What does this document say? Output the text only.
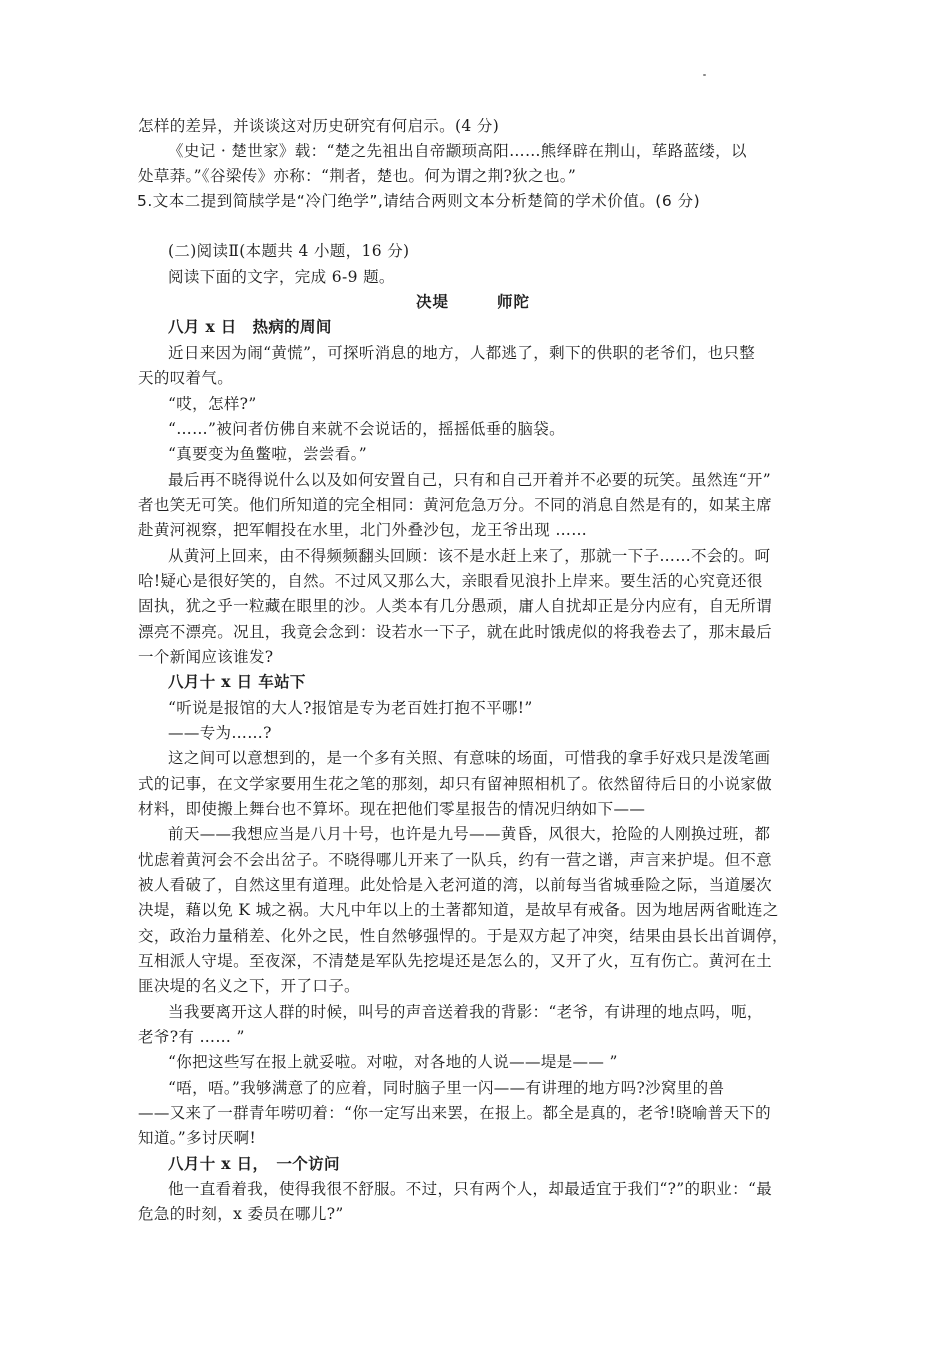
怎样的差异，并谈谈这对历史研究有何启示。(4 分)

《史记 · 楚世家》载：“楚之先祖出自帝颛顼高阳……熊绎辟在荆山，荜路蓝缕，以

处草莽。”《谷梁传》亦称：“荆者，楚也。何为谓之荆?狄之也。”

5.文本二提到简牍学是“冷门绝学”,请结合两则文本分析楚简的学术价值。(6 分)

(二)阅读Ⅱ(本题共 4 小题，16 分)

阅读下面的文字，完成 6-9 题。

决堤	师陀

八月 x 日　热病的周间

近日来因为闹“黄慌”，可探听消息的地方，人都逃了，剩下的供职的老爷们，也只整

天的叹着气。

“哎，怎样?”

“……”被问者仿佛自来就不会说话的，摇摇低垂的脑袋。

“真要变为鱼鳖啦，尝尝看。”

最后再不晓得说什么以及如何安置自己，只有和自己开着并不必要的玩笑。虽然连“开”

者也笑无可笑。他们所知道的完全相同：黄河危急万分。不同的消息自然是有的，如某主席

赴黄河视察，把军帽投在水里，北门外叠沙包，龙王爷出现 ……

从黄河上回来，由不得频频翻头回顾：该不是水赶上来了，那就一下子……不会的。呵

哈!疑心是很好笑的，自然。不过风又那么大，亲眼看见浪扑上岸来。要生活的心究竟还很

固执，犹之乎一粒藏在眼里的沙。人类本有几分愚顽，庸人自扰却正是分内应有，自无所谓

漂亮不漂亮。况且，我竟会念到：设若水一下子，就在此时饿虎似的将我卷去了，那末最后

一个新闻应该谁发?

八月十 x 日 车站下

“听说是报馆的大人?报馆是专为老百姓打抱不平哪!”

——专为……?

这之间可以意想到的，是一个多有关照、有意味的场面，可惜我的拿手好戏只是泼笔画

式的记事，在文学家要用生花之笔的那刻，却只有留神照相机了。依然留待后日的小说家做

材料，即使搬上舞台也不算坏。现在把他们零星报告的情况归纳如下——

前天——我想应当是八月十号，也许是九号——黄昏，风很大，抢险的人刚换过班，都

忧虑着黄河会不会出岔子。不晓得哪儿开来了一队兵，约有一营之谱，声言来护堤。但不意

被人看破了，自然这里有道理。此处恰是入老河道的湾，以前每当省城垂险之际，当道屡次

决堤，藉以免 K 城之祸。大凡中年以上的土著都知道，是故早有戒备。因为地居两省毗连之

交，政治力量稍差、化外之民，性自然够强悍的。于是双方起了冲突，结果由县长出首调停，

互相派人守堤。至夜深，不清楚是军队先挖堤还是怎么的，又开了火，互有伤亡。黄河在土

匪决堤的名义之下，开了口子。

当我要离开这人群的时候，叫号的声音送着我的背影：“老爷，有讲理的地点吗，呃，

老爷?有 …… ”

“你把这些写在报上就妥啦。对啦，对各地的人说——堤是—— ”

“唔，唔。”我够满意了的应着，同时脑子里一闪——有讲理的地方吗?沙窝里的兽

——又来了一群青年唠叨着：“你一定写出来罢，在报上。都全是真的，老爷!晓喻普天下的

知道。”多讨厌啊!

八月十 x 日，　一个访问

他一直看着我，使得我很不舒服。不过，只有两个人，却最适宜于我们“?”的职业：“最

危急的时刻，x 委员在哪儿?”
